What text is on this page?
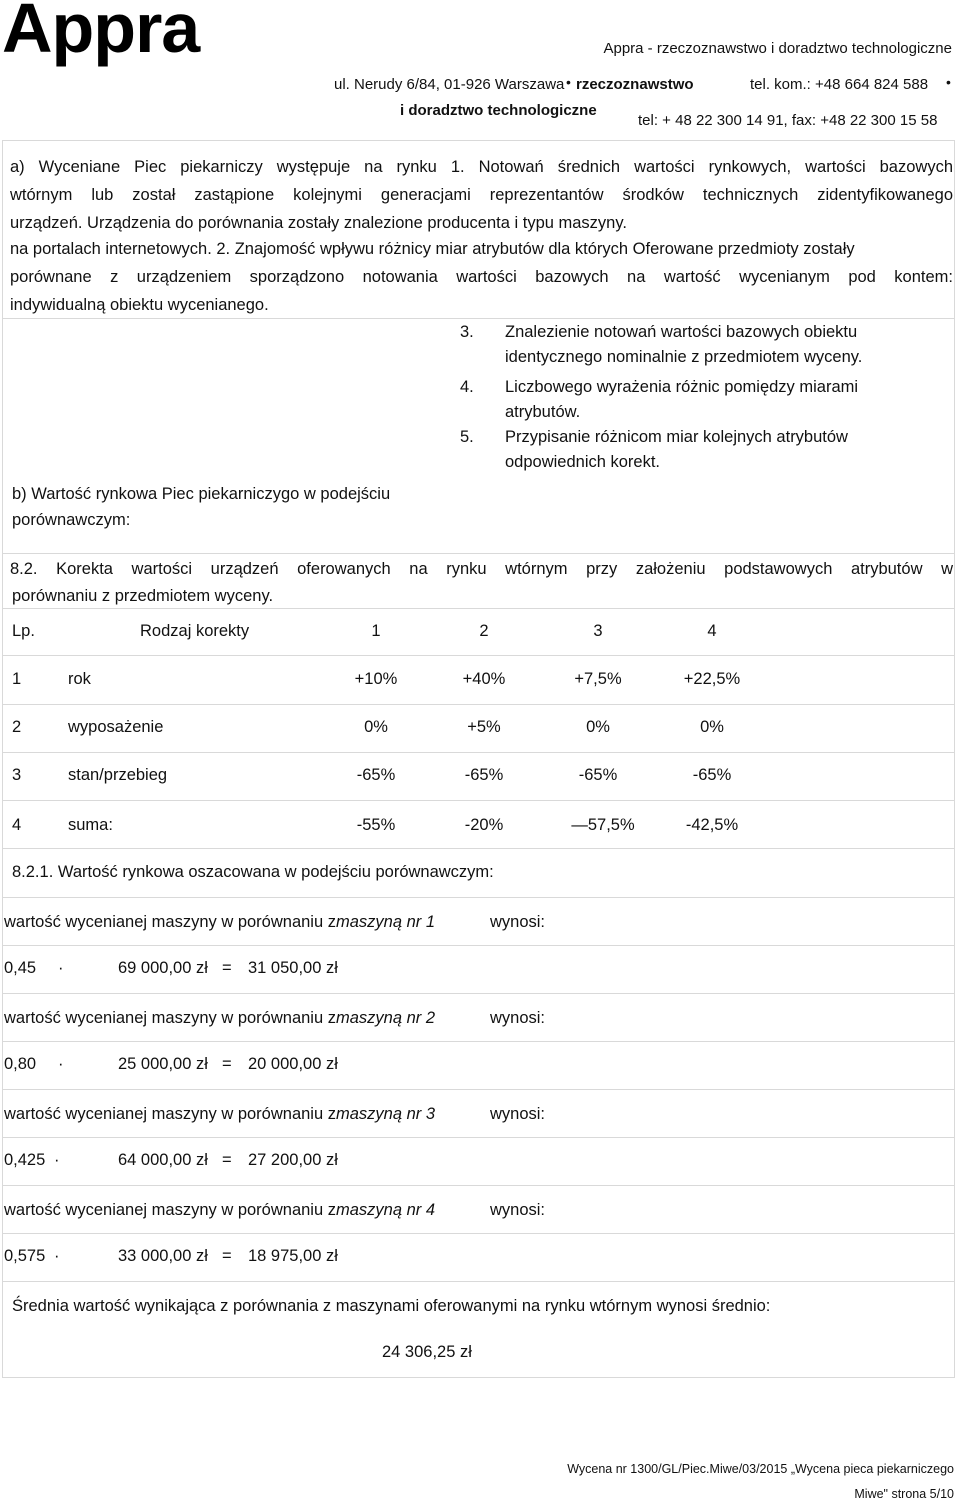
Appra	Appra - rzeczoznawstwo i doradztwo technologiczne
ul. Nerudy 6/84, 01-926 Warszawa • rzeczoznawstwo	tel. kom.: +48 664 824 588 •
i doradztwo technologiczne
tel: + 48 22 300 14 91, fax: +48 22 300 15 58
a) Wyceniane Piec piekarniczy występuje na rynku 1. Notowań średnich wartości rynkowych, wartości bazowych
wtórnym lub został zastąpione kolejnymi generacjami reprezentantów środków technicznych zidentyfikowanego
urządzeń. Urządzenia do porównania zostały znalezione producenta i typu maszyny.
na portalach internetowych. 2. Znajomość wpływu różnicy miar atrybutów dla których Oferowane przedmioty zostały
porównane z urządzeniem sporządzono notowania wartości bazowych na wartość wycenianym pod kontem:
indywidualną obiektu wycenianego.
3. Znalezienie notowań wartości bazowych obiektu identycznego nominalnie z przedmiotem wyceny.
4. Liczbowego wyrażenia różnic pomiędzy miarami atrybutów.
5. Przypisanie różnicom miar kolejnych atrybutów odpowiednich korekt.
b) Wartość rynkowa Piec piekarniczygo w podejściu
porównawczym:
8.2. Korekta wartości urządzeń oferowanych na rynku wtórnym przy założeniu podstawowych atrybutów w
porównaniu z przedmiotem wyceny.
Lp.	Rodzaj korekty	1	2	3	4
1	rok	+10%	+40%	+7,5%	+22,5%
2	wyposażenie	0%	+5%	0%	0%
3	stan/przebieg	-65%	-65%	-65%	-65%
4	suma:	-55%	-20%	—57,5%	-42,5%
8.2.1. Wartość rynkowa oszacowana w podejściu porównawczym:
wartość wycenianej maszyny w porównaniu zmaszyną nr 1	wynosi:
0,45 ·	69 000,00 zł = 31 050,00 zł
wartość wycenianej maszyny w porównaniu zmaszyną nr 2	wynosi:
0,80 ·	25 000,00 zł = 20 000,00 zł
wartość wycenianej maszyny w porównaniu zmaszyną nr 3	wynosi:
0,425 ·	64 000,00 zł = 27 200,00 zł
wartość wycenianej maszyny w porównaniu zmaszyną nr 4	wynosi:
0,575 ·	33 000,00 zł = 18 975,00 zł
Średnia wartość wynikająca z porównania z maszynami oferowanymi na rynku wtórnym wynosi średnio:
24 306,25 zł
Wycena nr 1300/GL/Piec.Miwe/03/2015 „Wycena pieca piekarniczego
Miwe" strona 5/10
